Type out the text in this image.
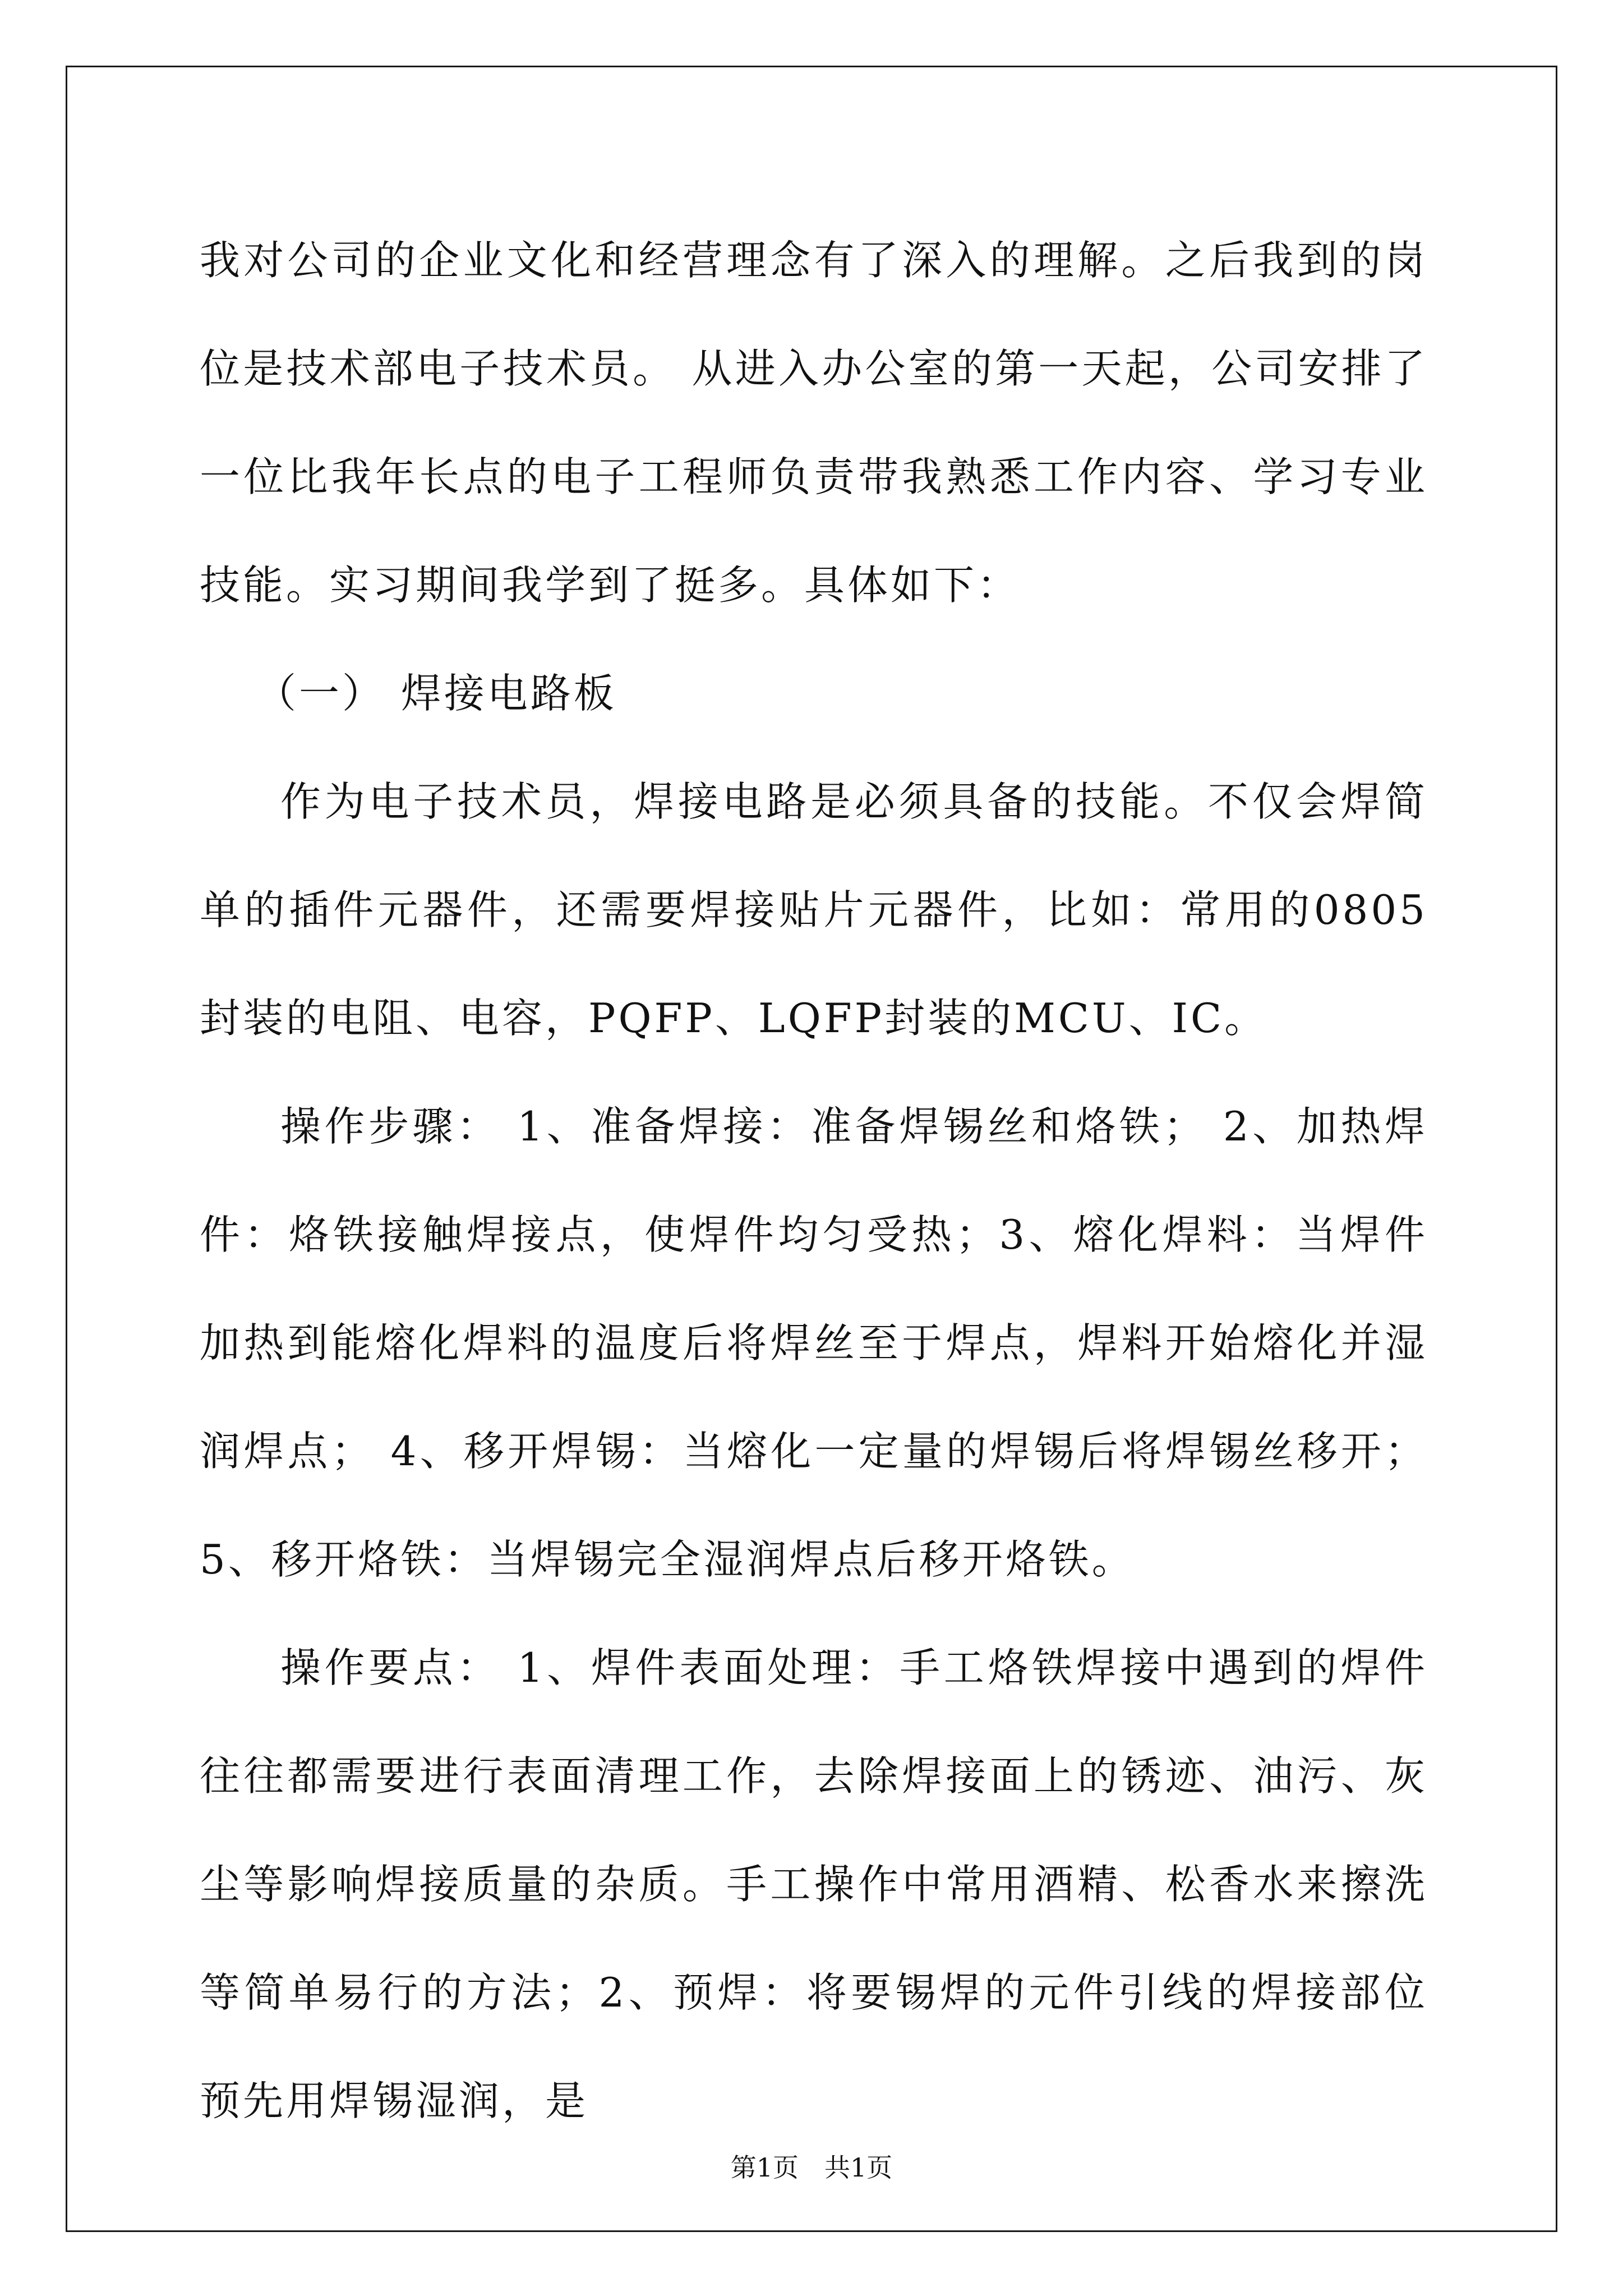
我对公司的企业文化和经营理念有了深入的理解。之后我到的岗位是技术部电子技术员。 从进入办公室的第一天起，公司安排了一位比我年长点的电子工程师负责带我熟悉工作内容、学习专业技能。实习期间我学到了挺多。具体如下：

（一） 焊接电路板

作为电子技术员，焊接电路是必须具备的技能。不仅会焊简单的插件元器件，还需要焊接贴片元器件，比如：常用的0805封装的电阻、电容，PQFP、LQFP封装的MCU、IC。

操作步骤： 1、准备焊接：准备焊锡丝和烙铁； 2、加热焊件：烙铁接触焊接点，使焊件均匀受热；3、熔化焊料：当焊件加热到能熔化焊料的温度后将焊丝至于焊点，焊料开始熔化并湿润焊点； 4、移开焊锡：当熔化一定量的焊锡后将焊锡丝移开； 5、移开烙铁：当焊锡完全湿润焊点后移开烙铁。

操作要点： 1、焊件表面处理：手工烙铁焊接中遇到的焊件往往都需要进行表面清理工作，去除焊接面上的锈迹、油污、灰尘等影响焊接质量的杂质。手工操作中常用酒精、松香水来擦洗等简单易行的方法；2、预焊：将要锡焊的元件引线的焊接部位预先用焊锡湿润，是

第1页　共1页
